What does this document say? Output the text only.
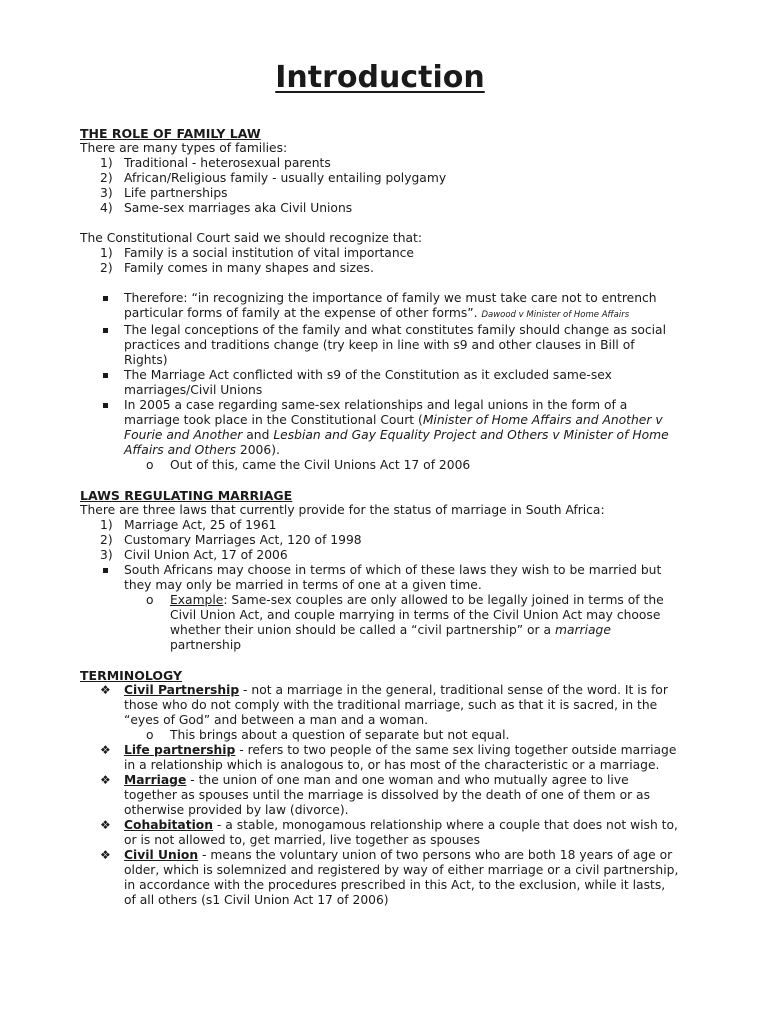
Introduction
THE ROLE OF FAMILY LAW

There are many types of families:

1) Traditional - heterosexual parents
2) African/Religious family - usually entailing polygamy
3) Life partnerships
4) Same-sex marriages aka Civil Unions

The Constitutional Court said we should recognize that:

1) Family is a social institution of vital importance
2) Family comes in many shapes and sizes.
Therefore: “in recognizing the importance of family we must take care not to entrench particular forms of family at the expense of other forms”. Dawood v Minister of Home Affairs
The legal conceptions of the family and what constitutes family should change as social practices and traditions change (try keep in line with s9 and other clauses in Bill of Rights)
The Marriage Act conflicted with s9 of the Constitution as it excluded same-sex marriages/Civil Unions
In 2005 a case regarding same-sex relationships and legal unions in the form of a marriage took place in the Constitutional Court (Minister of Home Affairs and Another v Fourie and Another and Lesbian and Gay Equality Project and Others v Minister of Home Affairs and Others 2006).
o	Out of this, came the Civil Unions Act 17 of 2006
LAWS REGULATING MARRIAGE

There are three laws that currently provide for the status of marriage in South Africa:

1) Marriage Act, 25 of 1961
2) Customary Marriages Act, 120 of 1998
3) Civil Union Act, 17 of 2006
South Africans may choose in terms of which of these laws they wish to be married but they may only be married in terms of one at a given time.
o	Example: Same-sex couples are only allowed to be legally joined in terms of the Civil Union Act, and couple marrying in terms of the Civil Union Act may choose whether their union should be called a “civil partnership” or a marriage partnership
TERMINOLOGY
❖ Civil Partnership - not a marriage in the general, traditional sense of the word. It is for those who do not comply with the traditional marriage, such as that it is sacred, in the “eyes of God” and between a man and a woman.
o	This brings about a question of separate but not equal.
❖ Life partnership - refers to two people of the same sex living together outside marriage in a relationship which is analogous to, or has most of the characteristic or a marriage.
❖ Marriage - the union of one man and one woman and who mutually agree to live together as spouses until the marriage is dissolved by the death of one of them or as otherwise provided by law (divorce).
❖ Cohabitation - a stable, monogamous relationship where a couple that does not wish to, or is not allowed to, get married, live together as spouses
❖ Civil Union - means the voluntary union of two persons who are both 18 years of age or older, which is solemnized and registered by way of either marriage or a civil partnership, in accordance with the procedures prescribed in this Act, to the exclusion, while it lasts, of all others (s1 Civil Union Act 17 of 2006)
